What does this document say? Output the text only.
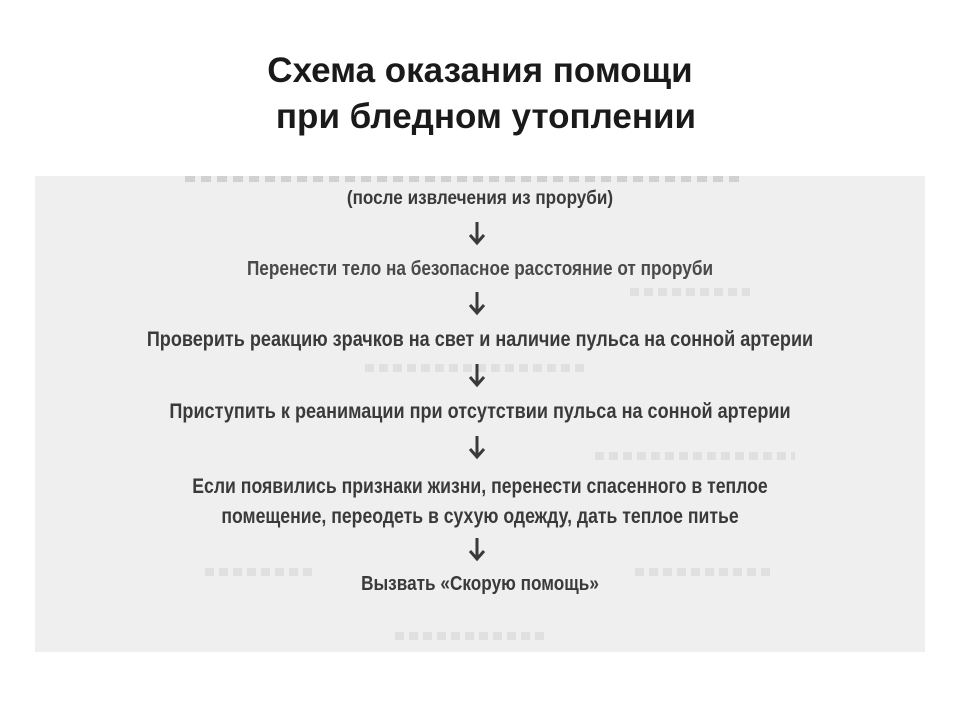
Схема оказания помощи
при бледном утоплении
(после извлечения из проруби)
Перенести тело на безопасное расстояние от проруби
Проверить реакцию зрачков на свет и наличие пульса на сонной артерии
Приступить к реанимации при отсутствии пульса на сонной артерии
Если появились признаки жизни, перенести спасенного в теплое
помещение, переодеть в сухую одежду, дать теплое питье
Вызвать «Скорую помощь»
